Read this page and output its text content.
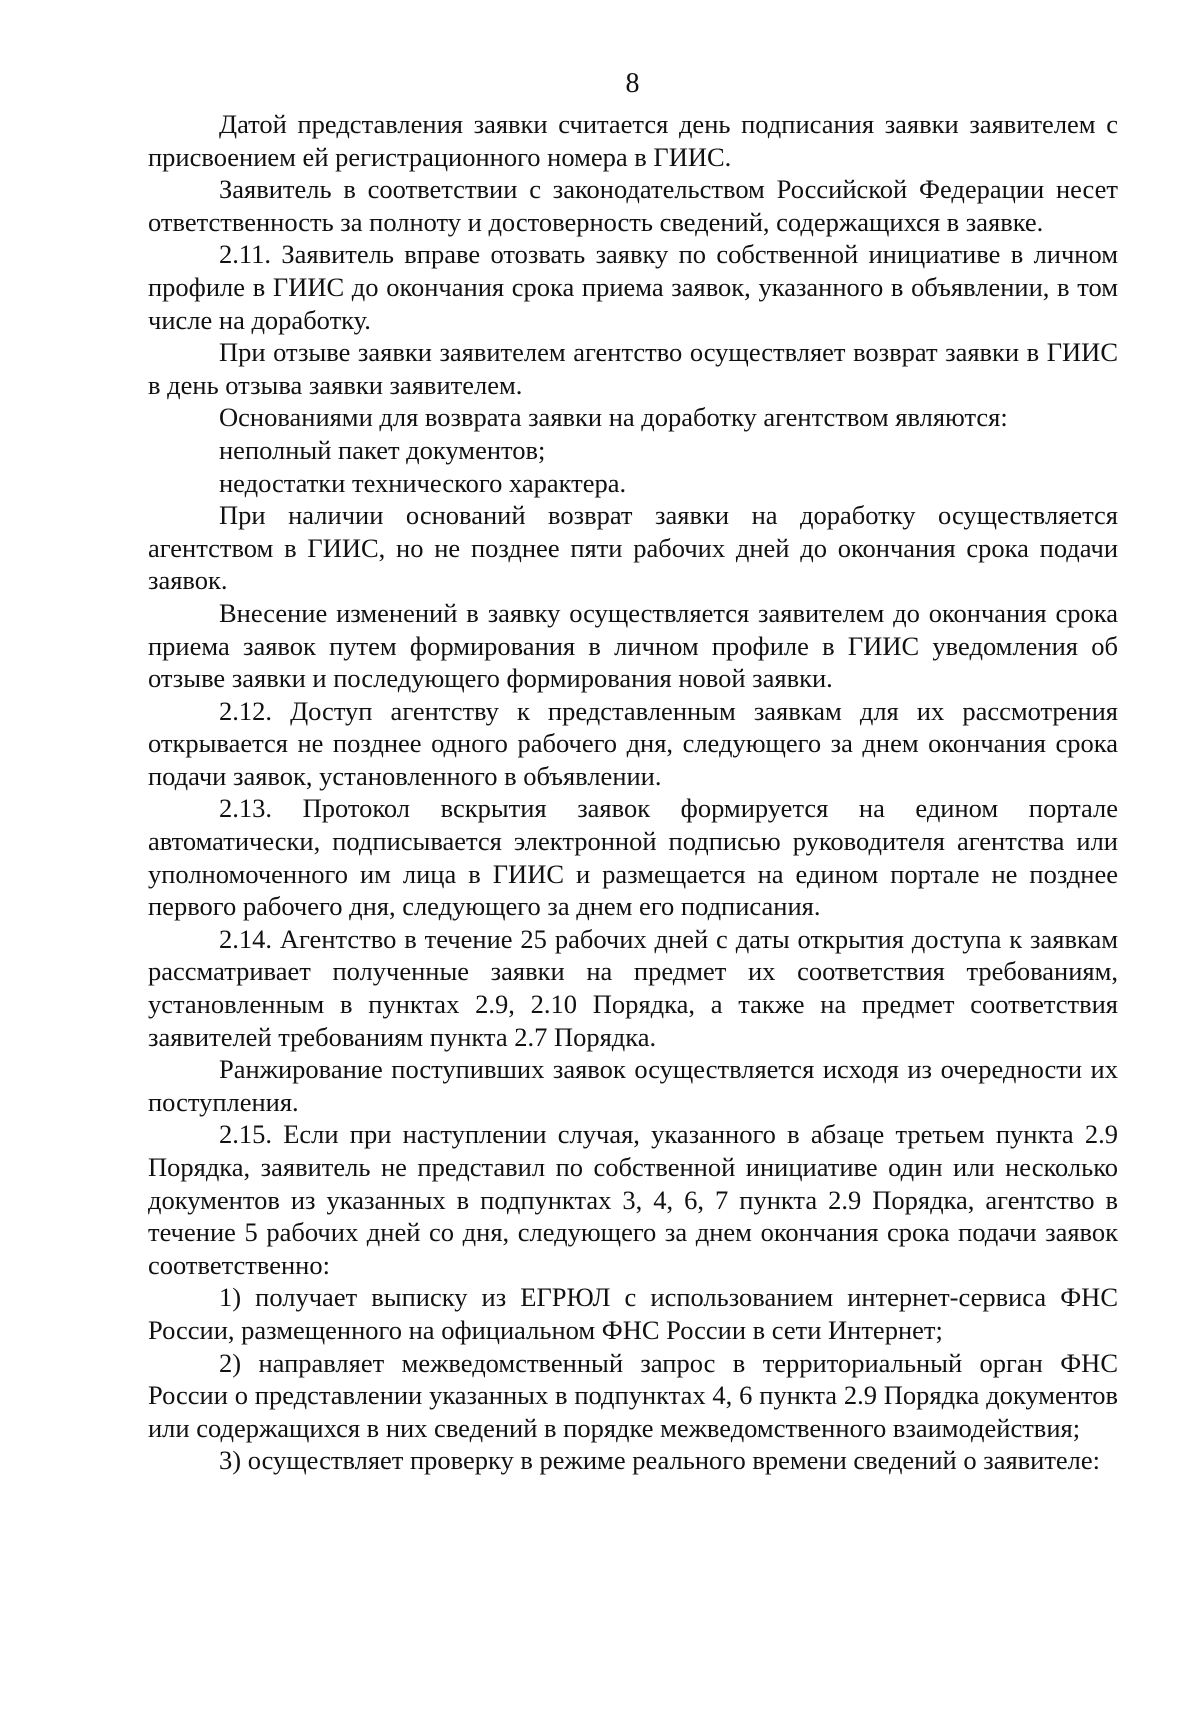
8

Датой представления заявки считается день подписания заявки заявителем с присвоением ей регистрационного номера в ГИИС.

Заявитель в соответствии с законодательством Российской Федерации несет ответственность за полноту и достоверность сведений, содержащихся в заявке.

2.11. Заявитель вправе отозвать заявку по собственной инициативе в личном профиле в ГИИС до окончания срока приема заявок, указанного в объявлении, в том числе на доработку.

При отзыве заявки заявителем агентство осуществляет возврат заявки в ГИИС в день отзыва заявки заявителем.

Основаниями для возврата заявки на доработку агентством являются:

неполный пакет документов;

недостатки технического характера.

При наличии оснований возврат заявки на доработку осуществляется агентством в ГИИС, но не позднее пяти рабочих дней до окончания срока подачи заявок.

Внесение изменений в заявку осуществляется заявителем до окончания срока приема заявок путем формирования в личном профиле в ГИИС уведомления об отзыве заявки и последующего формирования новой заявки.

2.12. Доступ агентству к представленным заявкам для их рассмотрения открывается не позднее одного рабочего дня, следующего за днем окончания срока подачи заявок, установленного в объявлении.

2.13. Протокол вскрытия заявок формируется на едином портале автоматически, подписывается электронной подписью руководителя агентства или уполномоченного им лица в ГИИС и размещается на едином портале не позднее первого рабочего дня, следующего за днем его подписания.

2.14. Агентство в течение 25 рабочих дней с даты открытия доступа к заявкам рассматривает полученные заявки на предмет их соответствия требованиям, установленным в пунктах 2.9, 2.10 Порядка, а также на предмет соответствия заявителей требованиям пункта 2.7 Порядка.

Ранжирование поступивших заявок осуществляется исходя из очередности их поступления.

2.15. Если при наступлении случая, указанного в абзаце третьем пункта 2.9 Порядка, заявитель не представил по собственной инициативе один или несколько документов из указанных в подпунктах 3, 4, 6, 7 пункта 2.9 Порядка, агентство в течение 5 рабочих дней со дня, следующего за днем окончания срока подачи заявок соответственно:

1) получает выписку из ЕГРЮЛ с использованием интернет-сервиса ФНС России, размещенного на официальном ФНС России в сети Интернет;

2) направляет межведомственный запрос в территориальный орган ФНС России о представлении указанных в подпунктах 4, 6 пункта 2.9 Порядка документов или содержащихся в них сведений в порядке межведомственного взаимодействия;

3) осуществляет проверку в режиме реального времени сведений о заявителе:
